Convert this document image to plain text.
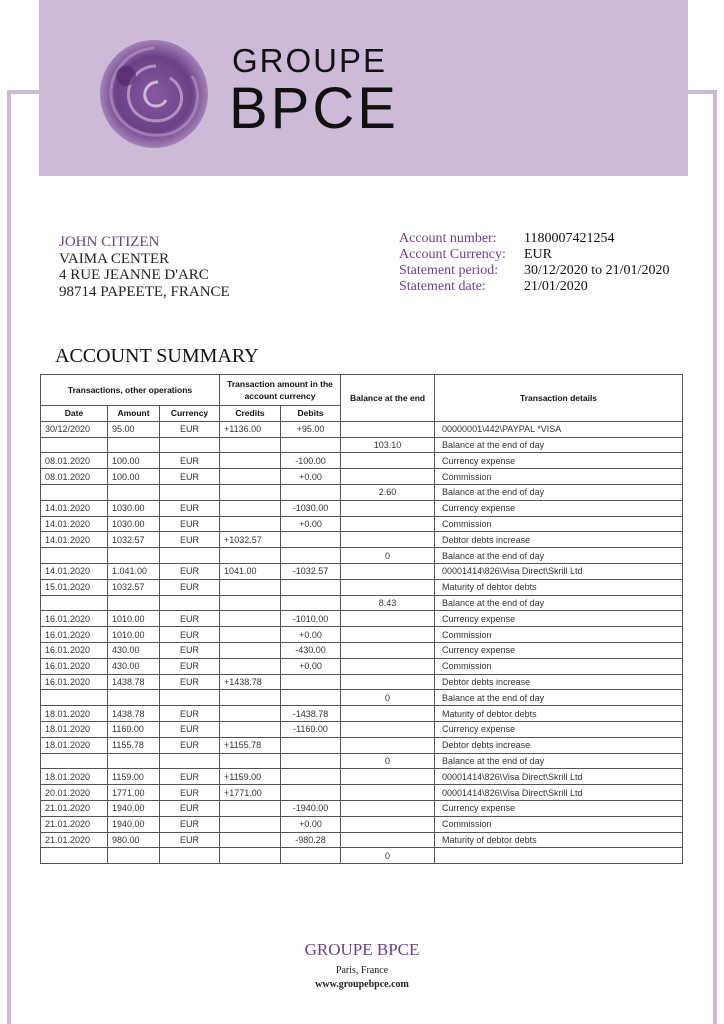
GROUPE
BPCE
JOHN CITIZEN
VAIMA CENTER
4 RUE JEANNE D'ARC
98714 PAPEETE, FRANCE
Account number:	1180007421254
Account Currency:	EUR
Statement period:	30/12/2020 to 21/01/2020
Statement date:	21/01/2020
ACCOUNT SUMMARY
Transactions, other operations			Transaction amount in the account currency		Balance at the end	Transaction details
Date	Amount	Currency	Credits	Debits		
30/12/2020	95.00	EUR	+1136.00	+95.00		00000001\442\PAYPAL *VISA
					103.10	Balance at the end of day
08.01.2020	100.00	EUR		-100.00		Currency expense
08.01.2020	100.00	EUR		+0.00		Commission
					2.60	Balance at the end of day
14.01.2020	1030.00	EUR		-1030.00		Currency expense
14.01.2020	1030.00	EUR		+0.00		Commission
14.01.2020	1032.57	EUR	+1032.57			Debtor debts increase
					0	Balance at the end of day
14.01.2020	1.041.00	EUR	1041.00	-1032.57		00001414\826\Visa Direct\Skrill Ltd
15.01.2020	1032.57	EUR				Maturity of debtor debts
					8.43	Balance at the end of day
16.01.2020	1010.00	EUR		-1010.00		Currency expense
16.01.2020	1010.00	EUR		+0.00		Commission
16.01.2020	430.00	EUR		-430.00		Currency expense
16.01.2020	430.00	EUR		+0.00		Commission
16.01.2020	1438.78	EUR	+1438.78			Debtor debts increase
					0	Balance at the end of day
18.01.2020	1438.78	EUR		-1438.78		Maturity of debtor debts
18.01.2020	1160.00	EUR		-1160.00		Currency expense
18.01.2020	1155.78	EUR	+1155.78			Debtor debts increase
					0	Balance at the end of day
18.01.2020	1159.00	EUR	+1159.00			00001414\826\Visa Direct\Skrill Ltd
20.01.2020	1771.00	EUR	+1771.00			00001414\826\Visa Direct\Skrill Ltd
21.01.2020	1940.00	EUR		-1940.00		Currency expense
21.01.2020	1940.00	EUR		+0.00		Commission
21.01.2020	980.00	EUR		-980.28		Maturity of debtor debts
					0	
GROUPE BPCE
Paris, France
www.groupebpce.com
